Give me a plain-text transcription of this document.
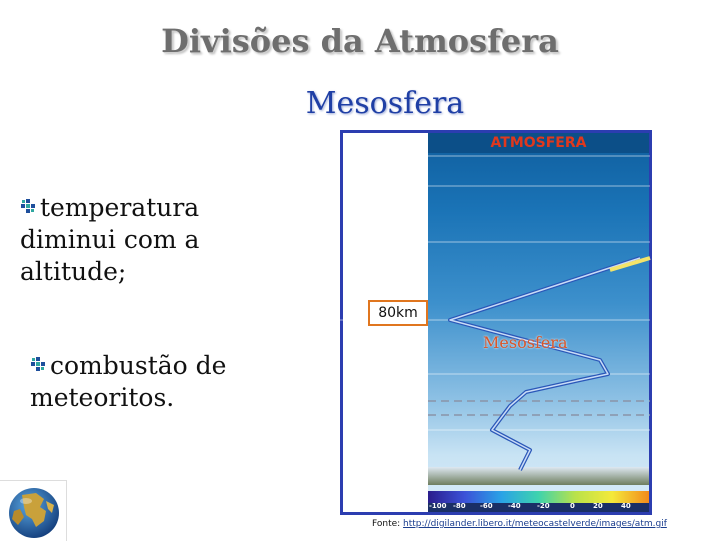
Divisões da Atmosfera
Mesosfera
temperatura diminui com a altitude;
combustão de meteoritos.
ATMOSFERA
-100 -80 -60 -40 -20	0	20	40
80km
Mesosfera
Fonte: http://digilander.libero.it/meteocastelverde/images/atm.gif
